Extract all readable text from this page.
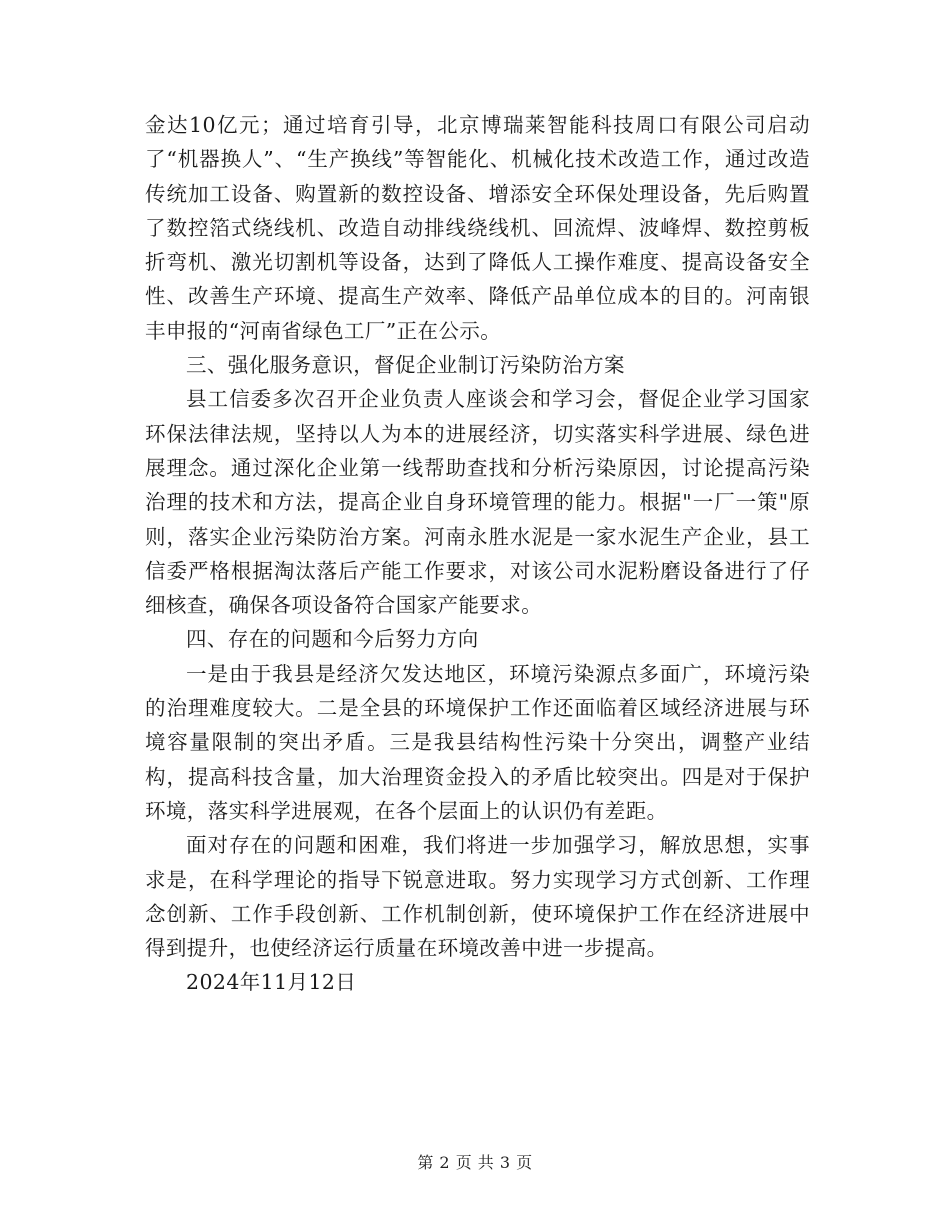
金达10亿元；通过培育引导，北京博瑞莱智能科技周口有限公司启动了“机器换人”、“生产换线”等智能化、机械化技术改造工作，通过改造传统加工设备、购置新的数控设备、增添安全环保处理设备，先后购置了数控箔式绕线机、改造自动排线绕线机、回流焊、波峰焊、数控剪板折弯机、激光切割机等设备，达到了降低人工操作难度、提高设备安全性、改善生产环境、提高生产效率、降低产品单位成本的目的。河南银丰申报的“河南省绿色工厂”正在公示。

三、强化服务意识，督促企业制订污染防治方案

县工信委多次召开企业负责人座谈会和学习会，督促企业学习国家环保法律法规，坚持以人为本的进展经济，切实落实科学进展、绿色进展理念。通过深化企业第一线帮助查找和分析污染原因，讨论提高污染治理的技术和方法，提高企业自身环境管理的能力。根据"一厂一策"原则，落实企业污染防治方案。河南永胜水泥是一家水泥生产企业，县工信委严格根据淘汰落后产能工作要求，对该公司水泥粉磨设备进行了仔细核查，确保各项设备符合国家产能要求。

四、存在的问题和今后努力方向

一是由于我县是经济欠发达地区，环境污染源点多面广，环境污染的治理难度较大。二是全县的环境保护工作还面临着区域经济进展与环境容量限制的突出矛盾。三是我县结构性污染十分突出，调整产业结构，提高科技含量，加大治理资金投入的矛盾比较突出。四是对于保护环境，落实科学进展观，在各个层面上的认识仍有差距。

面对存在的问题和困难，我们将进一步加强学习，解放思想，实事求是，在科学理论的指导下锐意进取。努力实现学习方式创新、工作理念创新、工作手段创新、工作机制创新，使环境保护工作在经济进展中得到提升，也使经济运行质量在环境改善中进一步提高。

2024年11月12日

第 2 页 共 3 页
